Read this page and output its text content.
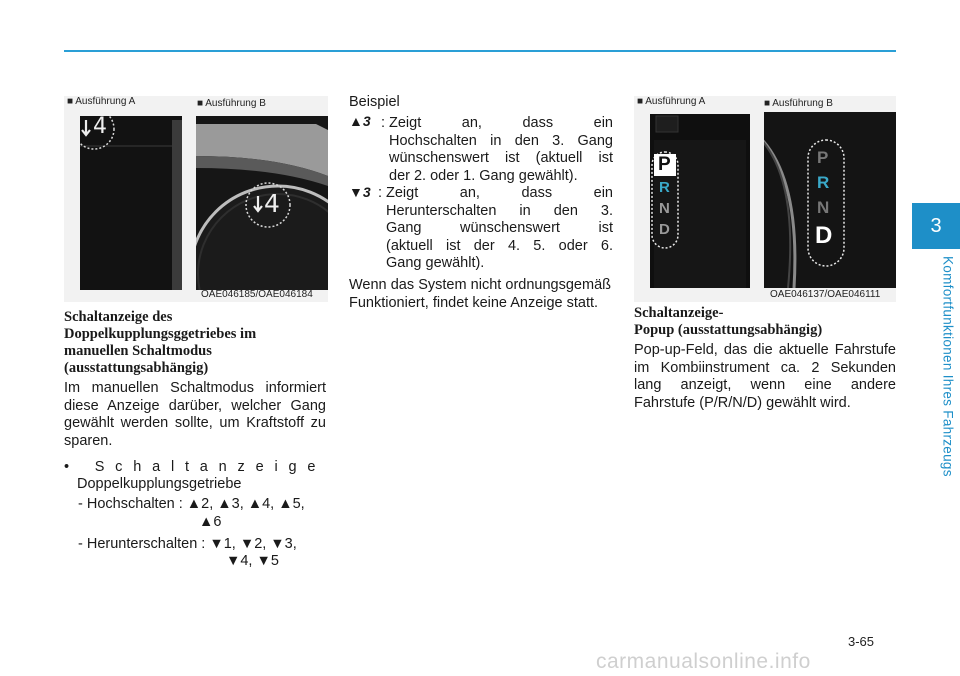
■ Ausführung A	■ Ausführung B
4
4
OAE046185/OAE046184
Schaltanzeige des
Doppelkupplungsggetriebes im
manuellen Schaltmodus
(ausstattungsabhängig)
Im manuellen Schaltmodus informiert diese Anzeige darüber, welcher Gang gewählt werden sollte, um Kraftstoff zu sparen.
• Schaltanzeige
Doppelkupplungsgetriebe
- Hochschalten : ▲2, ▲3, ▲4, ▲5,
▲6
- Herunterschalten : ▼1, ▼2, ▼3,
▼4, ▼5
Beispiel
▲3 : Zeigt an, dass ein
Hochschalten in den 3. Gang
wünschenswert ist (aktuell ist
der 2. oder 1. Gang gewählt).
▼3 : Zeigt an, dass ein
Herunterschalten in den 3.
Gang wünschenswert ist
(aktuell ist der 4. 5. oder 6.
Gang gewählt).
Wenn das System nicht ordnungsgemäß Funktioniert, findet keine Anzeige statt.
■ Ausführung A	■ Ausführung B
P
R
N
D
P
R
N
D
OAE046137/OAE046111
Schaltanzeige-
Popup (ausstattungsabhängig)
Pop-up-Feld, das die aktuelle Fahrstufe im Kombiinstrument ca. 2 Sekunden lang anzeigt, wenn eine andere Fahrstufe (P/R/N/D) gewählt wird.
3
Komfortfunktionen Ihres Fahrzeugs
3-65
carmanualsonline.info
